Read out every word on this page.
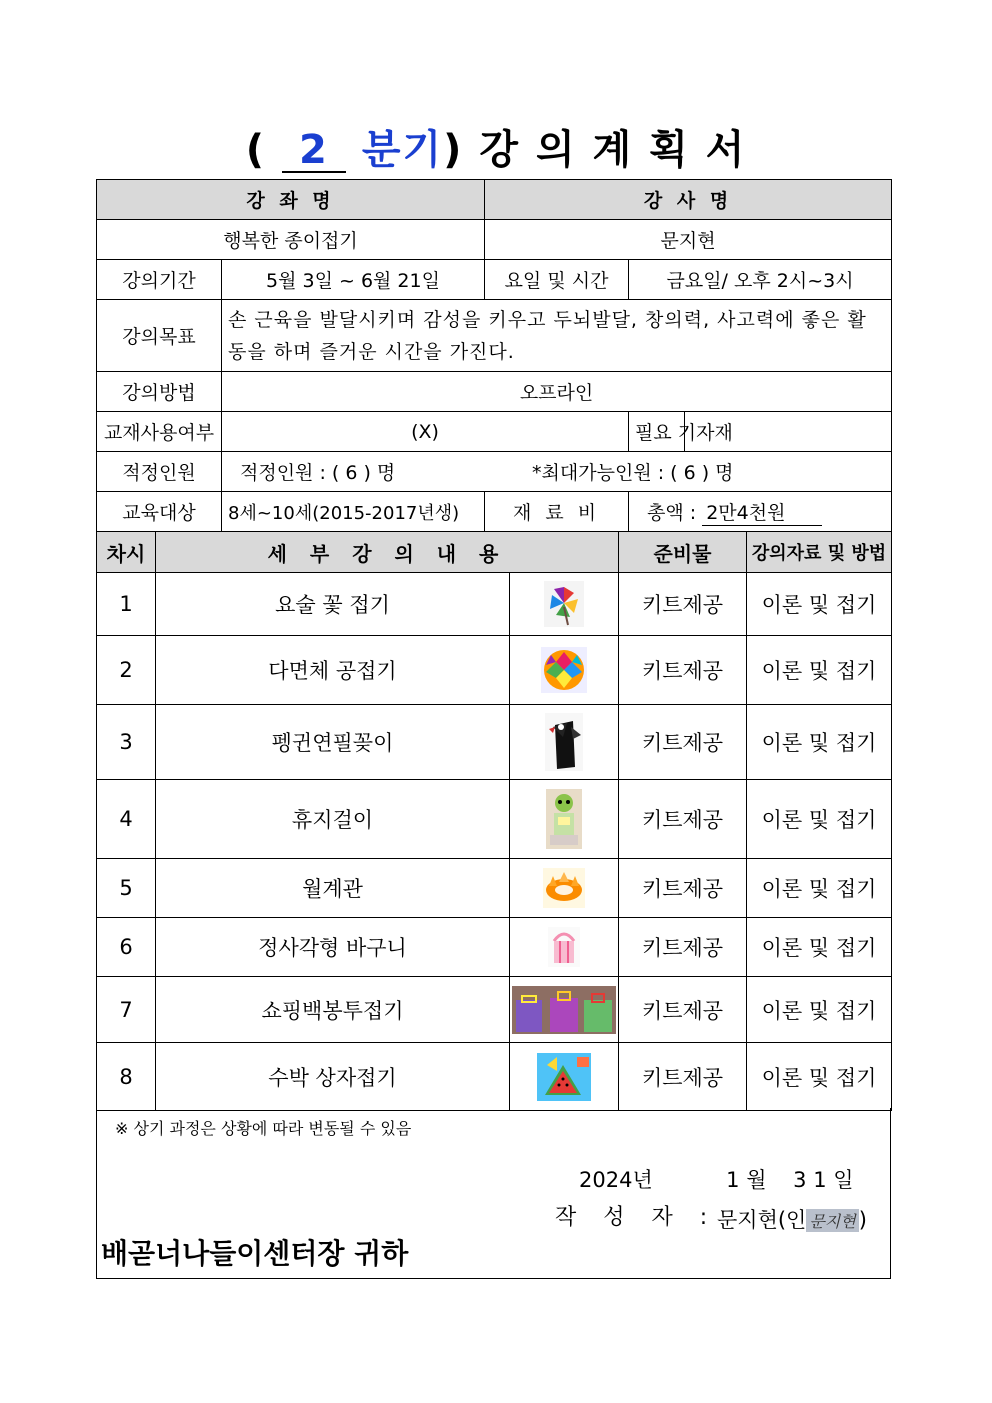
( 2 분기) 강 의 계 획 서
강 좌 명		강 사 명		
행복한 종이접기		문지현		
강의기간	5월 3일 ~ 6월 21일	요일 및 시간	금요일/ 오후 2시~3시	
강의목표	손 근육을 발달시키며 감성을 키우고 두뇌발달, 창의력, 사고력에 좋은 활동을 하며 즐거운 시간을 가진다.			
강의방법	오프라인			
교재사용여부	(X)		필요 기자재	
적정인원	적정인원 : ( 6 ) 명 *최대가능인원 : ( 6 ) 명			
교육대상	8세~10세(2015-2017년생)	재 료 비	총액 : 2만4천원	
차시	세 부 강 의 내 용		준비물	강의자료 및 방법
1	요술 꽃 접기		키트제공	이론 및 접기
2	다면체 공접기		키트제공	이론 및 접기
3	펭귄연필꽂이		키트제공	이론 및 접기
4	휴지걸이		키트제공	이론 및 접기
5	월계관		키트제공	이론 및 접기
6	정사각형 바구니		키트제공	이론 및 접기
7	쇼핑백봉투접기		키트제공	이론 및 접기
8	수박 상자접기		키트제공	이론 및 접기
※ 상기 과정은 상황에 따라 변동될 수 있음
2024년           1 월    3 1 일
작 성 자 : 문지현(인 문지현 )
배곧너나들이센터장 귀하
